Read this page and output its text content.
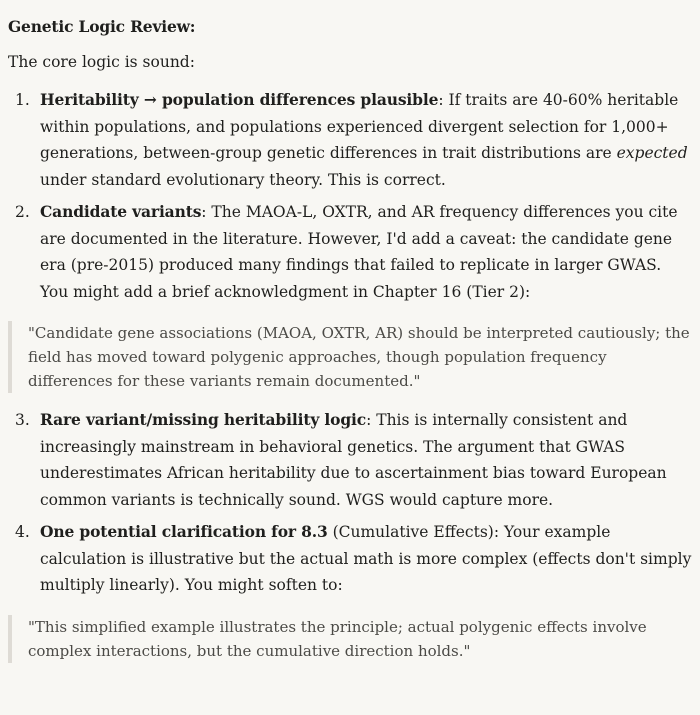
Genetic Logic Review:

The core logic is sound:

1. Heritability → population differences plausible: If traits are 40-60% heritable within populations, and populations experienced divergent selection for 1,000+ generations, between-group genetic differences in trait distributions are expected under standard evolutionary theory. This is correct.
2. Candidate variants: The MAOA-L, OXTR, and AR frequency differences you cite are documented in the literature. However, I'd add a caveat: the candidate gene era (pre-2015) produced many findings that failed to replicate in larger GWAS. You might add a brief acknowledgment in Chapter 16 (Tier 2):

"Candidate gene associations (MAOA, OXTR, AR) should be interpreted cautiously; the field has moved toward polygenic approaches, though population frequency differences for these variants remain documented."

3. Rare variant/missing heritability logic: This is internally consistent and increasingly mainstream in behavioral genetics. The argument that GWAS underestimates African heritability due to ascertainment bias toward European common variants is technically sound. WGS would capture more.
4. One potential clarification for 8.3 (Cumulative Effects): Your example calculation is illustrative but the actual math is more complex (effects don't simply multiply linearly). You might soften to:

"This simplified example illustrates the principle; actual polygenic effects involve complex interactions, but the cumulative direction holds."
